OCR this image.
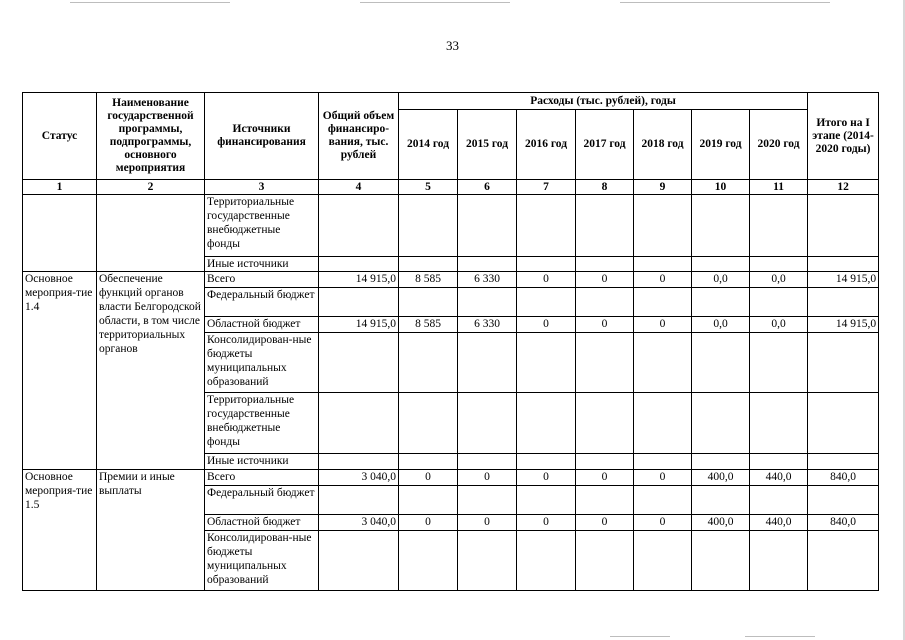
33
Статус	Наименование государственной программы, подпрограммы, основного мероприятия	Источники финансирования	Общий объем финансиро-вания, тыс. рублей	Расходы (тыс. рублей), годы							Итого на I этапе (2014-2020 годы)
				2014 год	2015 год	2016 год	2017 год	2018 год	2019 год	2020 год	
1	2	3	4	5	6	7	8	9	10	11	12
		Территориальные государственные внебюджетные фонды									
		Иные источники									
Основное мероприя-тие 1.4	Обеспечение функций органов власти Белгородской области, в том числе территориальных органов	Всего	14 915,0	8 585	6 330	0	0	0	0,0	0,0	14 915,0
		Федеральный бюджет									
		Областной бюджет	14 915,0	8 585	6 330	0	0	0	0,0	0,0	14 915,0
		Консолидирован-ные бюджеты муниципальных образований									
		Территориальные государственные внебюджетные фонды									
		Иные источники									
Основное мероприя-тие 1.5	Премии и иные выплаты	Всего	3 040,0	0	0	0	0	0	400,0	440,0	840,0
		Федеральный бюджет									
		Областной бюджет	3 040,0	0	0	0	0	0	400,0	440,0	840,0
		Консолидирован-ные бюджеты муниципальных образований									
